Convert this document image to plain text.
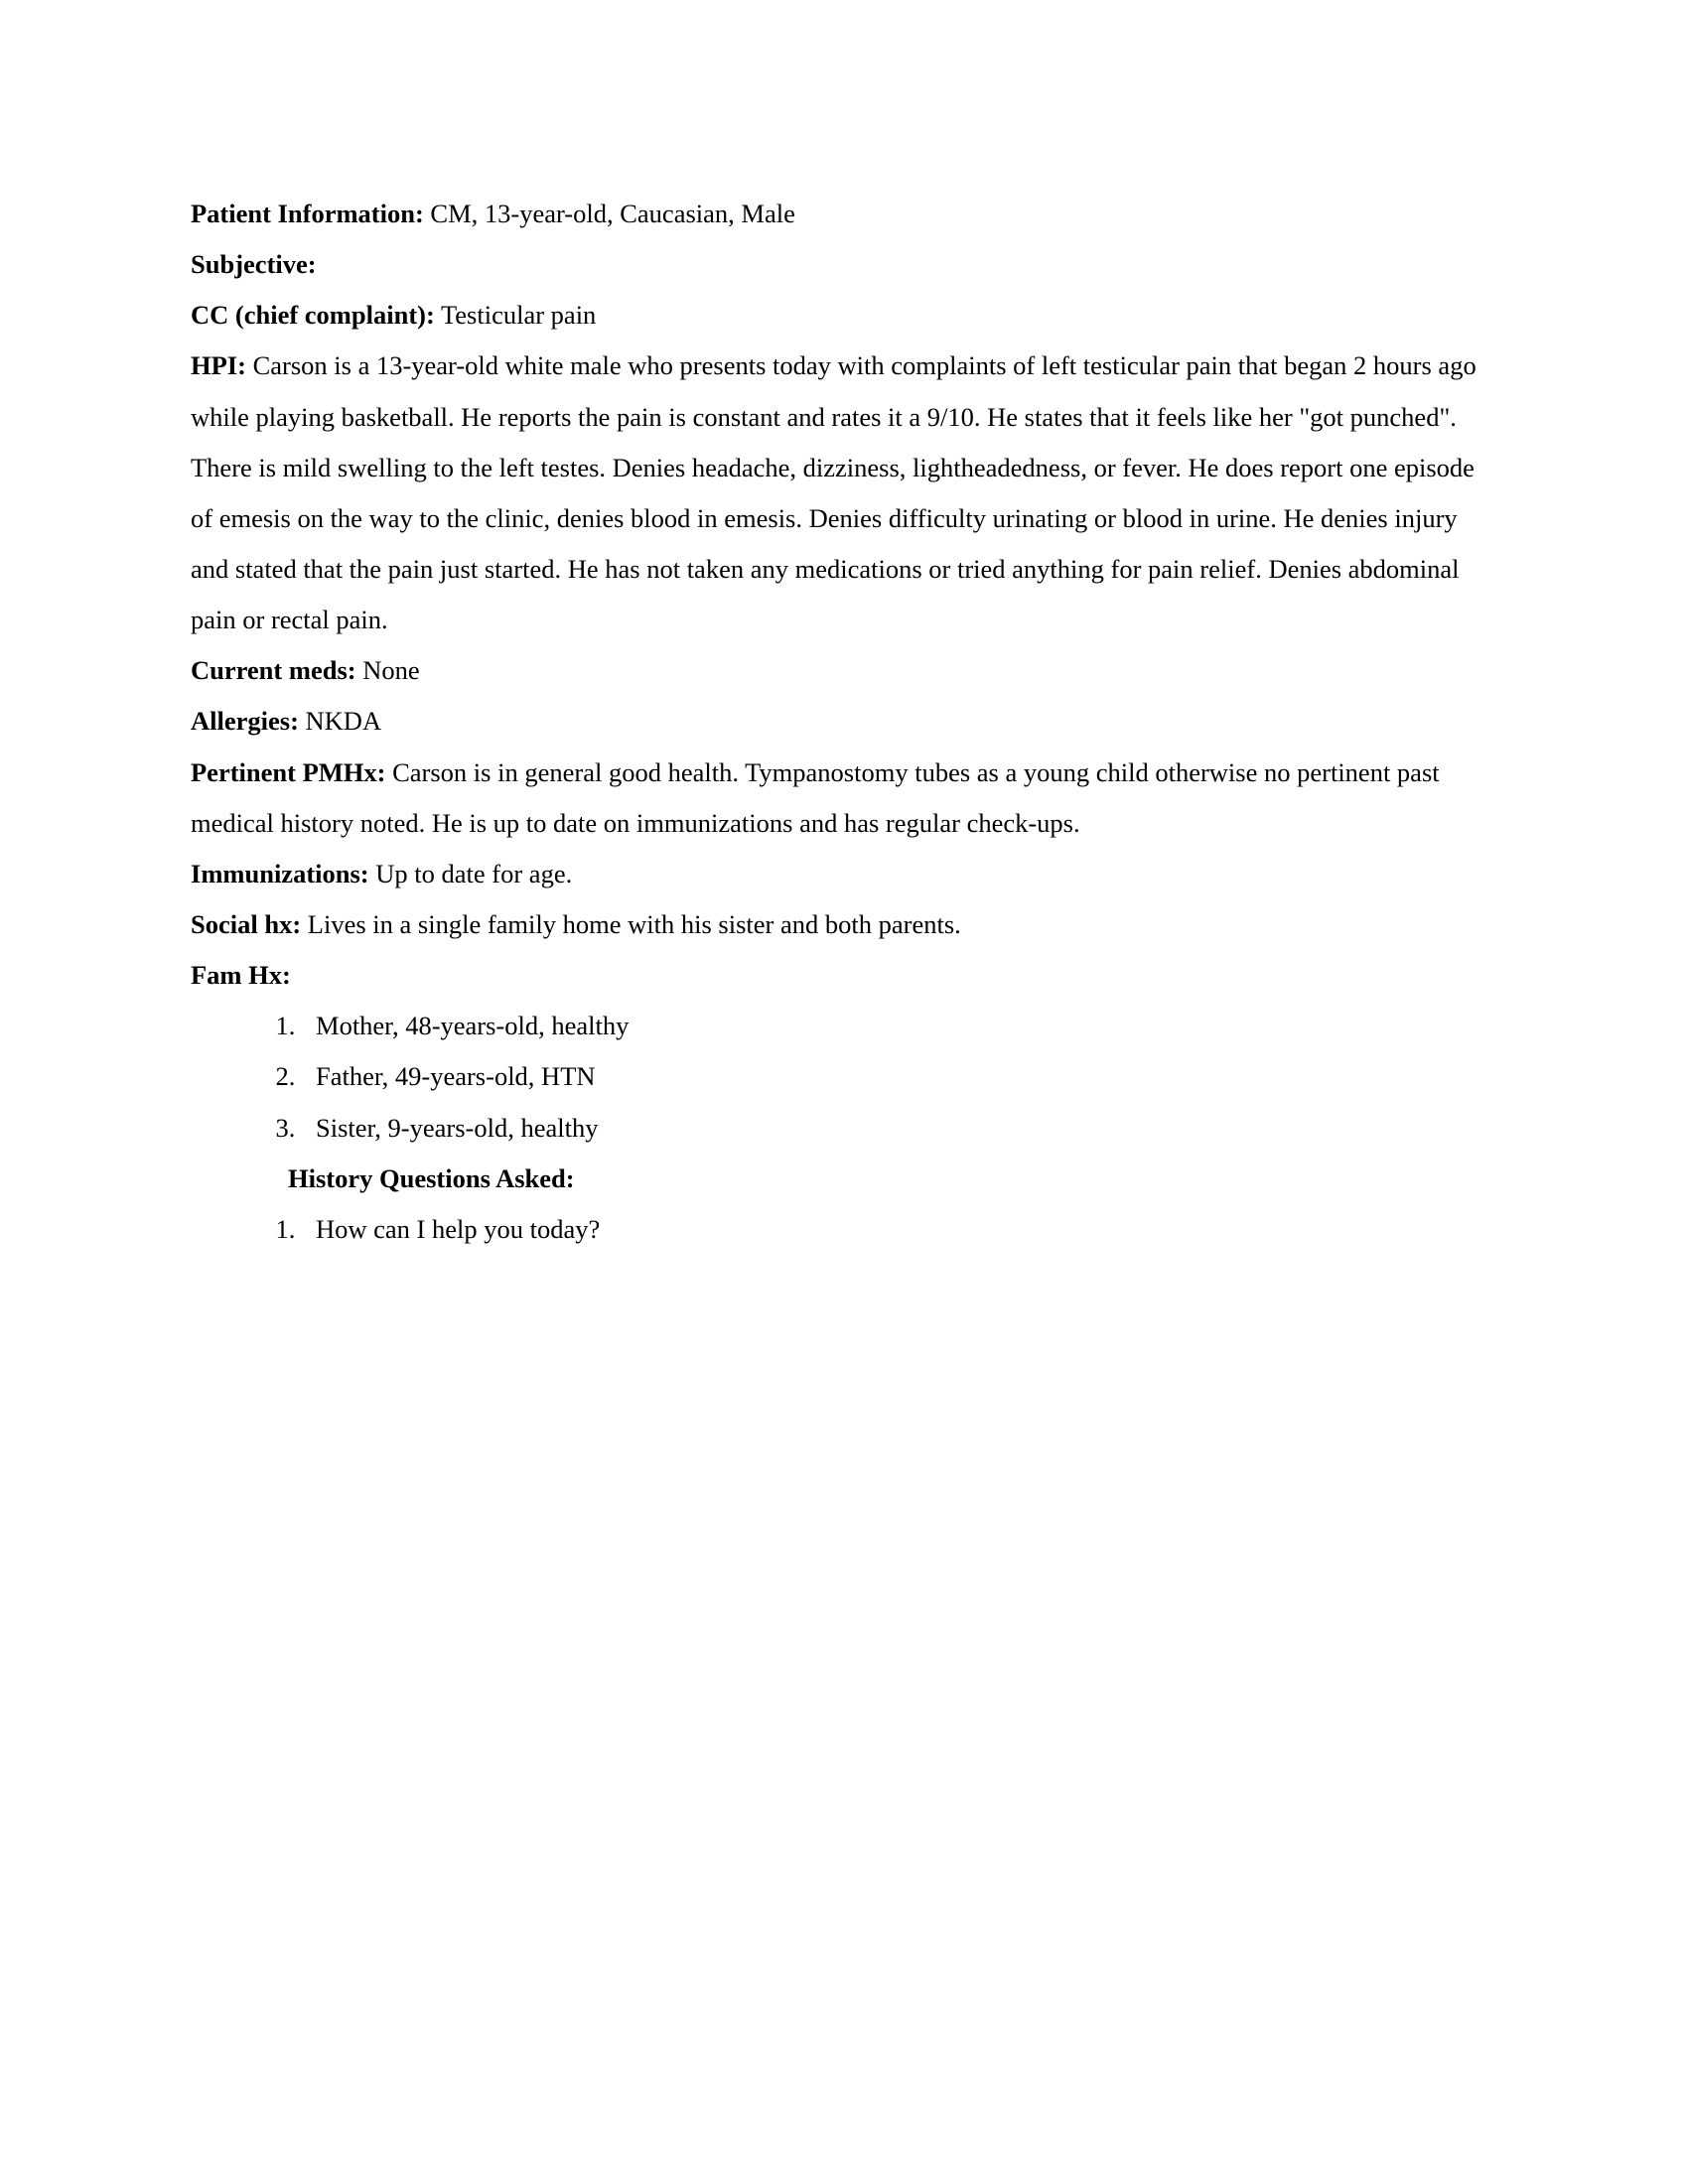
Patient Information: CM, 13-year-old, Caucasian, Male

Subjective:

CC (chief complaint): Testicular pain

HPI: Carson is a 13-year-old white male who presents today with complaints of left testicular pain that began 2 hours ago while playing basketball. He reports the pain is constant and rates it a 9/10. He states that it feels like her "got punched". There is mild swelling to the left testes. Denies headache, dizziness, lightheadedness, or fever. He does report one episode of emesis on the way to the clinic, denies blood in emesis. Denies difficulty urinating or blood in urine. He denies injury and stated that the pain just started. He has not taken any medications or tried anything for pain relief. Denies abdominal pain or rectal pain.

Current meds: None

Allergies: NKDA

Pertinent PMHx: Carson is in general good health. Tympanostomy tubes as a young child otherwise no pertinent past medical history noted. He is up to date on immunizations and has regular check-ups.

Immunizations: Up to date for age.

Social hx: Lives in a single family home with his sister and both parents.

Fam Hx:

1. Mother, 48-years-old, healthy
2. Father, 49-years-old, HTN
3. Sister, 9-years-old, healthy

History Questions Asked:

1. How can I help you today?
